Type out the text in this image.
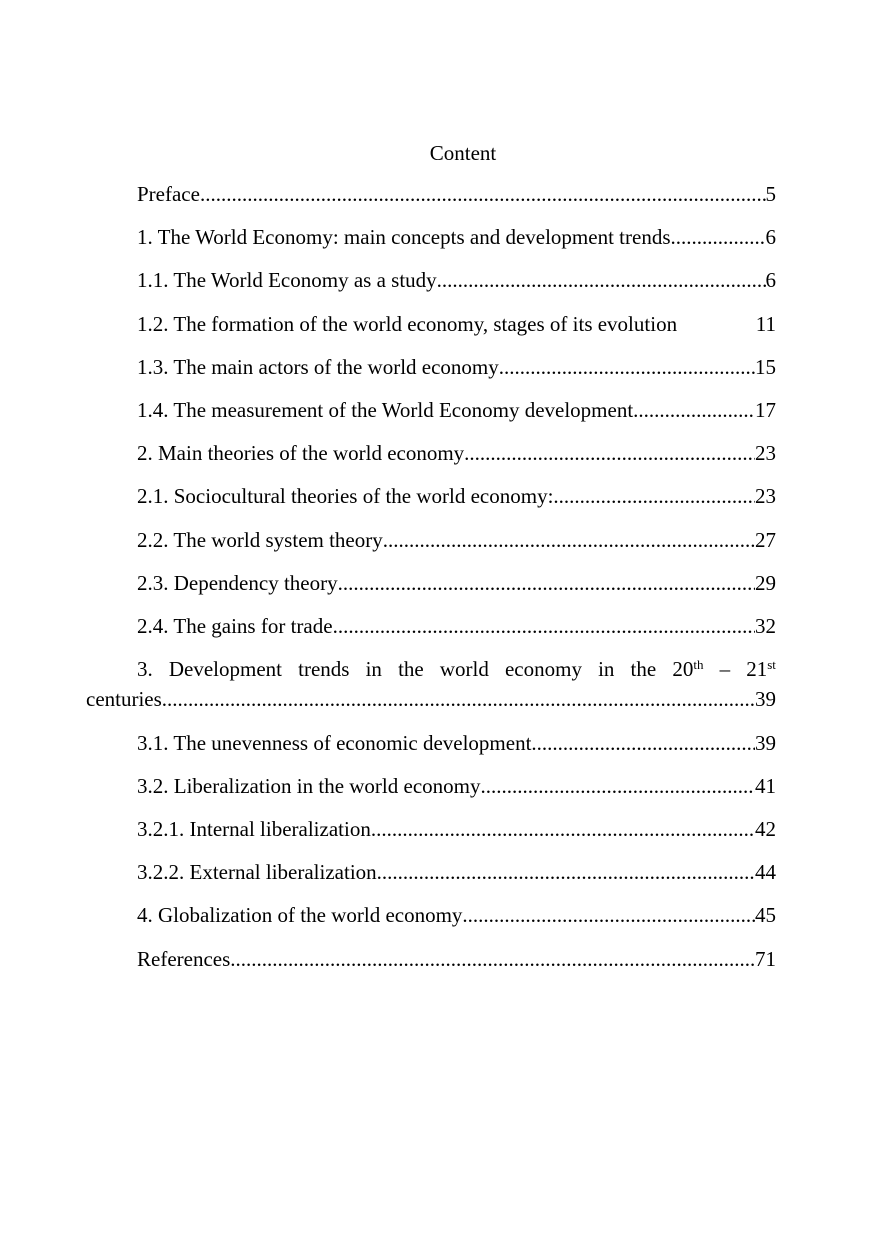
Content
Preface .....	5
1. The World Economy: main concepts and development trends .....	6
1.1. The World Economy as a study .....	6
1.2. The formation of the world economy, stages of its evolution	11
1.3. The main actors of the world economy .....	15
1.4. The measurement of the World Economy development .....	17
2. Main theories of the world economy .....	23
2.1. Sociocultural theories of the world economy: .....	23
2.2. The world system theory .....	27
2.3. Dependency theory .....	29
2.4. The gains for trade .....	32
3. Development trends in the world economy in the 20th – 21st
centuries .....	39
3.1. The unevenness of economic development .....	39
3.2. Liberalization in the world economy .....	41
3.2.1. Internal liberalization .....	42
3.2.2. External liberalization .....	44
4. Globalization of the world economy .....	45
References .....	71
